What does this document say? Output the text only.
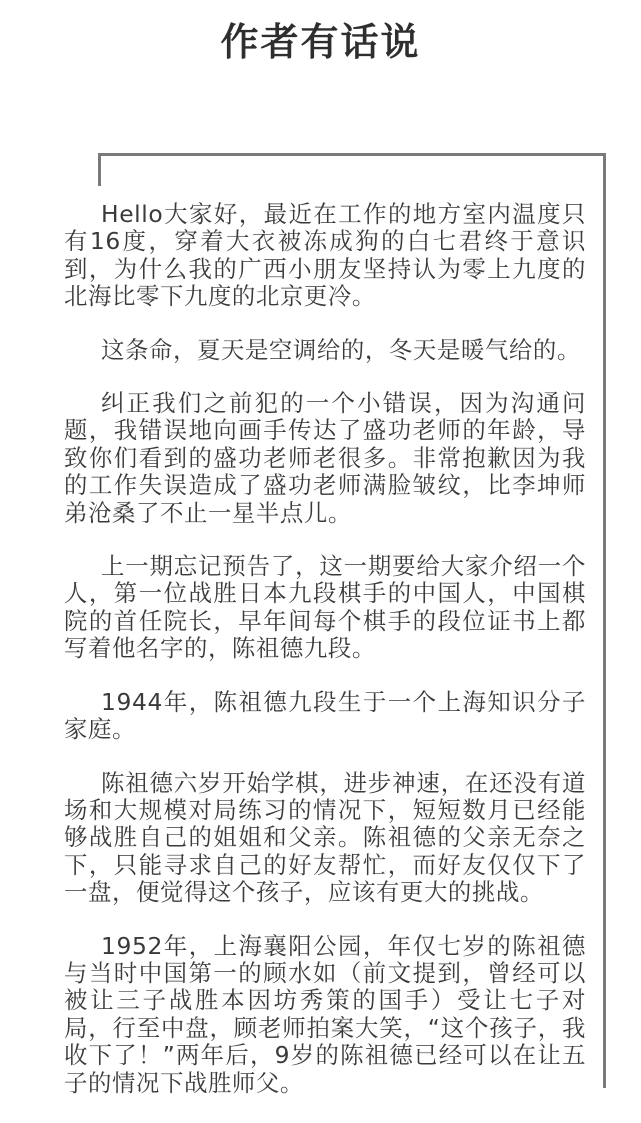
作者有话说

Hello大家好，最近在工作的地方室内温度只有16度，穿着大衣被冻成狗的白七君终于意识到，为什么我的广西小朋友坚持认为零上九度的北海比零下九度的北京更冷。

这条命，夏天是空调给的，冬天是暖气给的。

纠正我们之前犯的一个小错误，因为沟通问题，我错误地向画手传达了盛功老师的年龄，导致你们看到的盛功老师老很多。非常抱歉因为我的工作失误造成了盛功老师满脸皱纹，比李坤师弟沧桑了不止一星半点儿。

上一期忘记预告了，这一期要给大家介绍一个人，第一位战胜日本九段棋手的中国人，中国棋院的首任院长，早年间每个棋手的段位证书上都写着他名字的，陈祖德九段。

1944年，陈祖德九段生于一个上海知识分子家庭。

陈祖德六岁开始学棋，进步神速，在还没有道场和大规模对局练习的情况下，短短数月已经能够战胜自己的姐姐和父亲。陈祖德的父亲无奈之下，只能寻求自己的好友帮忙，而好友仅仅下了一盘，便觉得这个孩子，应该有更大的挑战。

1952年，上海襄阳公园，年仅七岁的陈祖德与当时中国第一的顾水如（前文提到，曾经可以被让三子战胜本因坊秀策的国手）受让七子对局，行至中盘，顾老师拍案大笑，“这个孩子，我收下了！”两年后，9岁的陈祖德已经可以在让五子的情况下战胜师父。
